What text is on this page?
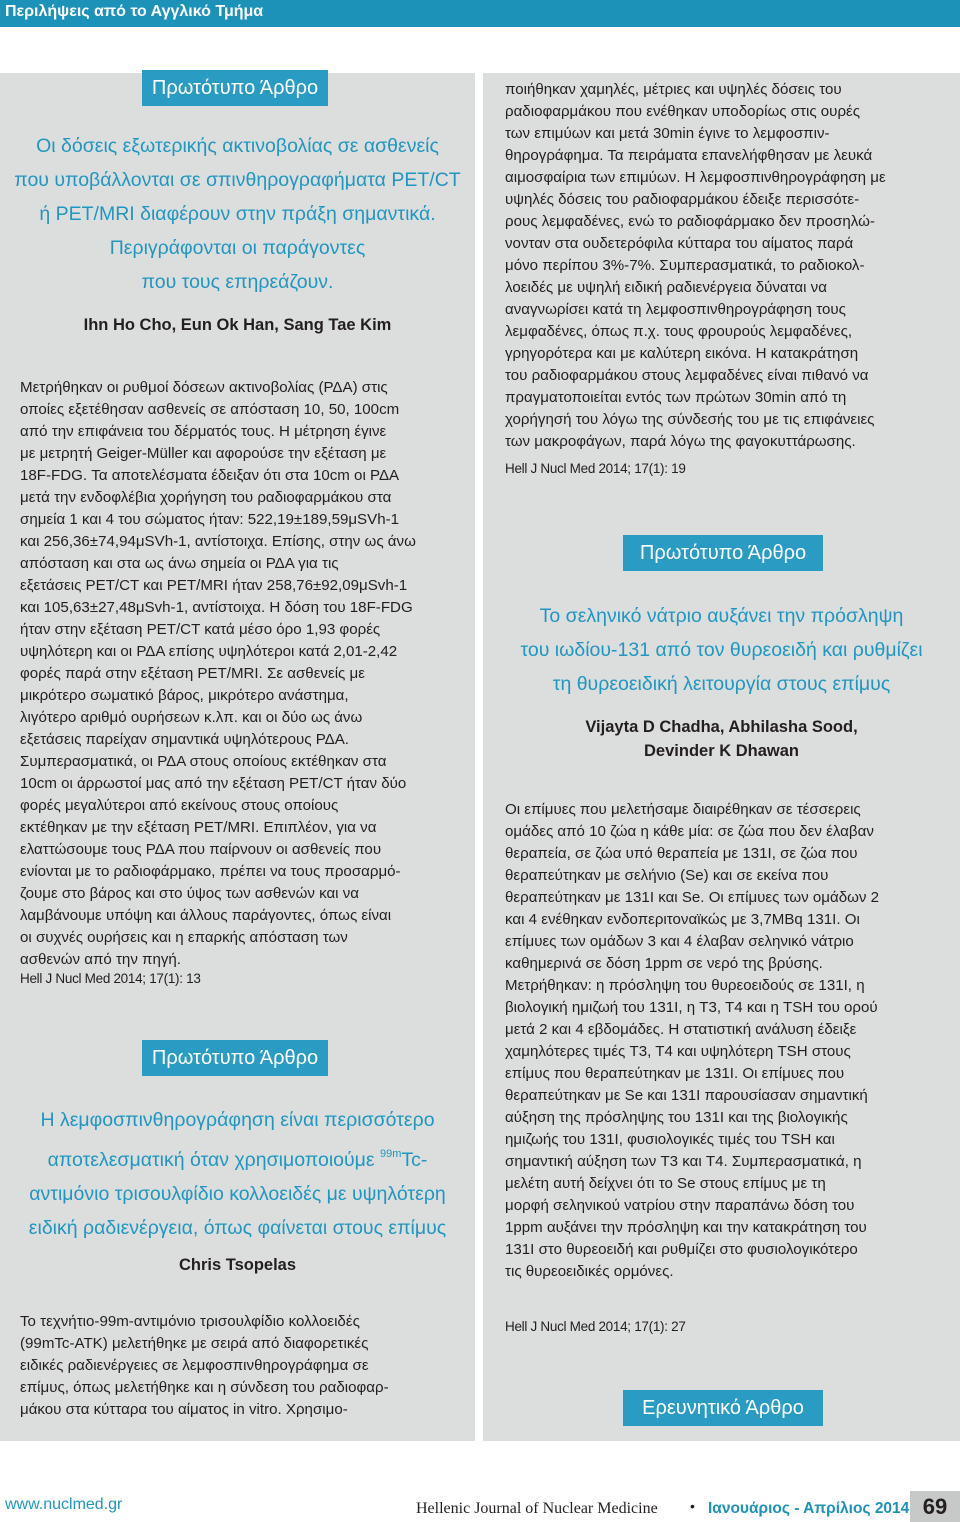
Περιλήψεις από το Αγγλικό Τμήμα
Πρωτότυπο Άρθρο
Οι δόσεις εξωτερικής ακτινοβολίας σε ασθενείς
που υποβάλλονται σε σπινθηρογραφήματα PET/CT
ή PET/MRI διαφέρουν στην πράξη σημαντικά.
Περιγράφονται οι παράγοντες
που τους επηρεάζουν.
Ihn Ho Cho, Eun Ok Han, Sang Tae Kim
Μετρήθηκαν οι ρυθμοί δόσεων ακτινοβολίας (ΡΔΑ) στις
οποίες εξετέθησαν ασθενείς σε απόσταση 10, 50, 100cm
από την επιφάνεια του δέρματός τους. Η μέτρηση έγινε
με μετρητή Geiger-Müller και αφορούσε την εξέταση με
18F-FDG. Τα αποτελέσματα έδειξαν ότι στα 10cm οι ΡΔΑ
μετά την ενδοφλέβια χορήγηση του ραδιοφαρμάκου στα
σημεία 1 και 4 του σώματος ήταν: 522,19±189,59μSVh-1
και 256,36±74,94μSVh-1, αντίστοιχα. Επίσης, στην ως άνω
απόσταση και στα ως άνω σημεία οι ΡΔΑ για τις
εξετάσεις PET/CT και PET/MRI ήταν 258,76±92,09μSvh-1
και 105,63±27,48μSvh-1, αντίστοιχα. Η δόση του 18F-FDG
ήταν στην εξέταση PET/CT κατά μέσο όρο 1,93 φορές
υψηλότερη και οι ΡΔΑ επίσης υψηλότεροι κατά 2,01-2,42
φορές παρά στην εξέταση PET/MRI. Σε ασθενείς με
μικρότερο σωματικό βάρος, μικρότερο ανάστημα,
λιγότερο αριθμό ουρήσεων κ.λπ. και οι δύο ως άνω
εξετάσεις παρείχαν σημαντικά υψηλότερους ΡΔΑ.
Συμπερασματικά, οι ΡΔΑ στους οποίους εκτέθηκαν στα
10cm οι άρρωστοί μας από την εξέταση PET/CT ήταν δύο
φορές μεγαλύτεροι από εκείνους στους οποίους
εκτέθηκαν με την εξέταση PET/MRI. Επιπλέον, για να
ελαττώσουμε τους ΡΔΑ που παίρνουν οι ασθενείς που
ενίονται με το ραδιοφάρμακο, πρέπει να τους προσαρμό-
ζουμε στο βάρος και στο ύψος των ασθενών και να
λαμβάνουμε υπόψη και άλλους παράγοντες, όπως είναι
οι συχνές ουρήσεις και η επαρκής απόσταση των
ασθενών από την πηγή.
Hell J Nucl Med 2014; 17(1): 13
Πρωτότυπο Άρθρο
Η λεμφοσπινθηρογράφηση είναι περισσότερο
αποτελεσματική όταν χρησιμοποιούμε $^{99m}$Tc-
αντιμόνιο τρισουλφίδιο κολλοειδές με υψηλότερη
ειδική ραδιενέργεια, όπως φαίνεται στους επίμυς
Chris Tsopelas
Το τεχνήτιο-99m-αντιμόνιο τρισουλφίδιο κολλοειδές
(99mTc-ATK) μελετήθηκε με σειρά από διαφορετικές
ειδικές ραδιενέργειες σε λεμφοσπινθηρογράφημα σε
επίμυς, όπως μελετήθηκε και η σύνδεση του ραδιοφαρ-
μάκου στα κύτταρα του αίματος in vitro. Χρησιμο-
ποιήθηκαν χαμηλές, μέτριες και υψηλές δόσεις του
ραδιοφαρμάκου που ενέθηκαν υποδορίως στις ουρές
των επιμύων και μετά 30min έγινε το λεμφοσπιν-
θηρογράφημα. Τα πειράματα επανελήφθησαν με λευκά
αιμοσφαίρια των επιμύων. Η λεμφοσπινθηρογράφηση με
υψηλές δόσεις του ραδιοφαρμάκου έδειξε περισσότε-
ρους λεμφαδένες, ενώ το ραδιοφάρμακο δεν προσηλώ-
νονταν στα ουδετερόφιλα κύτταρα του αίματος παρά
μόνο περίπου 3%-7%. Συμπερασματικά, το ραδιοκολ-
λοειδές με υψηλή ειδική ραδιενέργεια δύναται να
αναγνωρίσει κατά τη λεμφοσπινθηρογράφηση τους
λεμφαδένες, όπως π.χ. τους φρουρούς λεμφαδένες,
γρηγορότερα και με καλύτερη εικόνα. Η κατακράτηση
του ραδιοφαρμάκου στους λεμφαδένες είναι πιθανό να
πραγματοποιείται εντός των πρώτων 30min από τη
χορήγησή του λόγω της σύνδεσής του με τις επιφάνειες
των μακροφάγων, παρά λόγω της φαγοκυττάρωσης.
Hell J Nucl Med 2014; 17(1): 19
Πρωτότυπο Άρθρο
Το σεληνικό νάτριο αυξάνει την πρόσληψη
του ιωδίου-131 από τον θυρεοειδή και ρυθμίζει
τη θυρεοειδική λειτουργία στους επίμυς
Vijayta D Chadha, Abhilasha Sood,
Devinder K Dhawan
Οι επίμυες που μελετήσαμε διαιρέθηκαν σε τέσσερεις
ομάδες από 10 ζώα η κάθε μία: σε ζώα που δεν έλαβαν
θεραπεία, σε ζώα υπό θεραπεία με 131I, σε ζώα που
θεραπεύτηκαν με σελήνιο (Se) και σε εκείνα που
θεραπεύτηκαν με 131I και Se. Οι επίμυες των ομάδων 2
και 4 ενέθηκαν ενδοπεριτοναϊκώς με 3,7MBq 131I. Οι
επίμυες των ομάδων 3 και 4 έλαβαν σεληνικό νάτριο
καθημερινά σε δόση 1ppm σε νερό της βρύσης.
Μετρήθηκαν: η πρόσληψη του θυρεοειδούς σε 131I, η
βιολογική ημιζωή του 131I, η T3, T4 και η TSH του ορού
μετά 2 και 4 εβδομάδες. Η στατιστική ανάλυση έδειξε
χαμηλότερες τιμές T3, T4 και υψηλότερη TSH στους
επίμυς που θεραπεύτηκαν με 131I. Οι επίμυες που
θεραπεύτηκαν με Se και 131I παρουσίασαν σημαντική
αύξηση της πρόσληψης του 131I και της βιολογικής
ημιζωής του 131I, φυσιολογικές τιμές του TSH και
σημαντική αύξηση των T3 και T4. Συμπερασματικά, η
μελέτη αυτή δείχνει ότι το Se στους επίμυς με τη
μορφή σεληνικού νατρίου στην παραπάνω δόση του
1ppm αυξάνει την πρόσληψη και την κατακράτηση του
131I στο θυρεοειδή και ρυθμίζει στο φυσιολογικότερο
τις θυρεοειδικές ορμόνες.
Hell J Nucl Med 2014; 17(1): 27
Ερευνητικό Άρθρο
www.nuclmed.gr	Hellenic Journal of Nuclear Medicine • Ιανουάριος - Απρίλιος 2014 69
